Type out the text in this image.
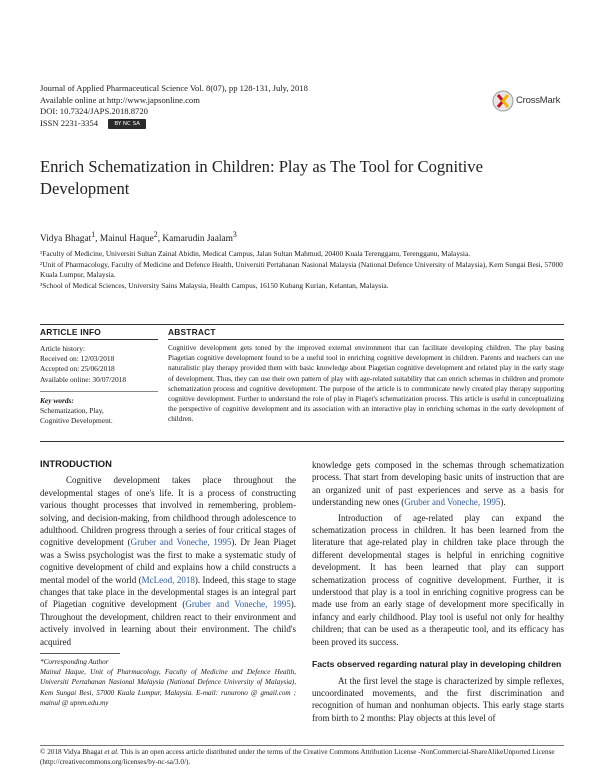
Journal of Applied Pharmaceutical Science Vol. 8(07), pp 128-131, July, 2018
Available online at http://www.japsonline.com
DOI: 10.7324/JAPS.2018.8720
ISSN 2231-3354	BY NC SA
CrossMark
Enrich Schematization in Children: Play as The Tool for Cognitive Development
Vidya Bhagat$^1$, Mainul Haque$^2$, Kamarudin Jaalam$^3$
¹Faculty of Medicine, Universiti Sultan Zainal Abidin, Medical Campus, Jalan Sultan Mahmud, 20400 Kuala Terengganu, Terengganu, Malaysia.
²Unit of Pharmacology, Faculty of Medicine and Defence Health, Universiti Pertahanan Nasional Malaysia (National Defence University of Malaysia), Kem Sungai Besi, 57000 Kuala Lumpur, Malaysia.
³School of Medical Sciences, University Sains Malaysia, Health Campus, 16150 Kubang Kurian, Kelantan, Malaysia.
ARTICLE INFO
Article history:
Received on: 12/03/2018
Accepted on: 25/06/2018
Available online: 30/07/2018
Key words:
Schematization, Play,
Cognitive Development.
ABSTRACT
Cognitive development gets toned by the improved external environment that can facilitate developing children. The play basing Piagetian cognitive development found to be a useful tool in enriching cognitive development in children. Parents and teachers can use naturalistic play therapy provided them with basic knowledge about Piagetian cognitive development and related play in the early stage of development. Thus, they can use their own pattern of play with age-related suitability that can enrich schemas in children and promote schematization process and cognitive development. The purpose of the article is to communicate newly created play therapy supporting cognitive development. Further to understand the role of play in Piaget's schematization process. This article is useful in conceptualizing the perspective of cognitive development and its association with an interactive play in enriching schemas in the early development of children.
INTRODUCTION

Cognitive development takes place throughout the developmental stages of one's life. It is a process of constructing various thought processes that involved in remembering, problem-solving, and decision-making, from childhood through adolescence to adulthood. Children progress through a series of four critical stages of cognitive development (Gruber and Voneche, 1995). Dr Jean Piaget was a Swiss psychologist was the first to make a systematic study of cognitive development of child and explains how a child constructs a mental model of the world (McLeod, 2018). Indeed, this stage to stage changes that take place in the developmental stages is an integral part of Piagetian cognitive development (Gruber and Voneche, 1995). Throughout the development, children react to their environment and actively involved in learning about their environment. The child's acquired

knowledge gets composed in the schemas through schematization process. That start from developing basic units of instruction that are an organized unit of past experiences and serve as a basis for understanding new ones (Gruber and Voneche, 1995).

Introduction of age-related play can expand the schematization process in children. It has been learned from the literature that age-related play in children take place through the different developmental stages is helpful in enriching cognitive development. It has been learned that play can support schematization process of cognitive development. Further, it is understood that play is a tool in enriching cognitive progress can be made use from an early stage of development more specifically in infancy and early childhood. Play tool is useful not only for healthy children; that can be used as a therapeutic tool, and its efficacy has been proved its success.

Facts observed regarding natural play in developing children

At the first level the stage is characterized by simple reflexes, uncoordinated movements, and the first discrimination and recognition of human and nonhuman objects. This early stage starts from birth to 2 months: Play objects at this level of

*Corresponding Author
Mainul Haque, Unit of Pharmacology, Faculty of Medicine and Defence Health, Universiti Pertahanan Nasional Malaysia (National Defence University of Malaysia), Kem Sungai Besi, 57000 Kuala Lumpur, Malaysia. E-mail: runurono @ gmail.com ; mainul @ upnm.edu.my
© 2018 Vidya Bhagat et al. This is an open access article distributed under the terms of the Creative Commons Attribution License -NonCommercial-ShareAlikeUnported License (http://creativecommons.org/licenses/by-nc-sa/3.0/).
